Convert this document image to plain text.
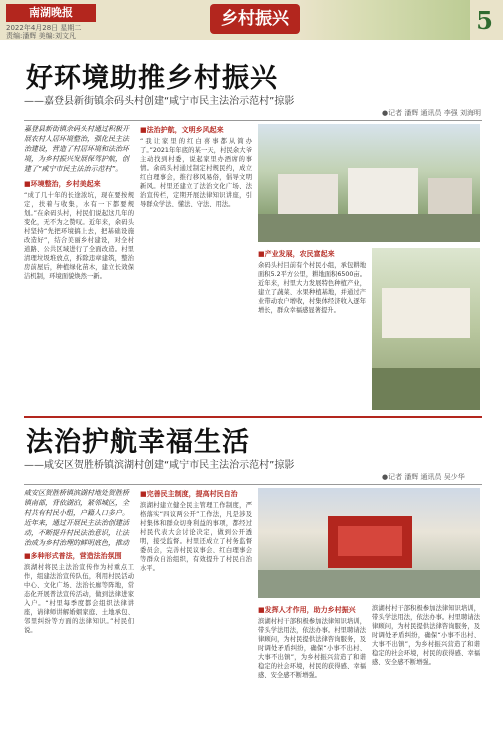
南湖晚报
2022年4月28日 星期二
责编:潘辉 美编:刘文凡
乡村振兴	5
好环境助推乡村振兴
——嘉登县新街镇余码头村创建“咸宁市民主法治示范村”掠影
●记者 潘辉 通讯员 李强 刘海明
嘉登县新街镇余码头村通过积极开展农村人居环境整治，强化民主法治建设，营造了村居环境和法治环境，为乡村振兴发展保驾护航，创建了“咸宁市民主法治示范村”。
■环境整治，乡村美起来
“成了几十年的长途浓坑，现在要按规定，扶着与收集，水有一下都要规划。”在余码头村，村民们说起这几年的变化，无不为之赞叹。近年来，余码头村坚持“先把环境搞上去，把基础设施改造好”，结合美丽乡村建设，对全村道路、公共区域进行了全面改造。村里清理垃圾堆放点，拆除违章建筑，整治房前屋后，种植绿化苗木，建立长效保洁机制，环境面貌焕然一新。
■法治护航，文明乡风起来
“我让家里的红白喜事都从简办了。”2021年年底的某一天，村民余大爷主动找到村委，说起家里办酒席的事情。余码头村通过制定村规民约，成立红白理事会，推行移风易俗，倡导文明新风。村里还建立了法治文化广场、法治宣传栏，定期开展法律知识讲座，引导群众学法、懂法、守法、用法。
■产业发展，农民富起来
余码头村目前有个村民小组，承包耕地面积5.2平方公里，耕地面积6500亩。近年来，村里大力发展特色种植产业，建立了蔬菜、水果种植基地，并通过产业带动农户增收，村集体经济收入逐年增长，群众幸福感显著提升。
法治护航幸福生活
——咸安区贺胜桥镇滨湖村创建“咸宁市民主法治示范村”掠影
●记者 潘辉 通讯员 吴少华
咸安区贺胜桥镇滨湖村地处贺胜桥镇南部，背依湖泊，紧邻城区，全村共有村民小组，户籍人口多户。近年来，通过开展民主法治创建活动，不断提升村民法治意识，让法治成为乡村治理的鲜明底色，推动
■多种形式普法，营造法治氛围
滨湖村将民主法治宣传作为村重点工作，组建法治宣传队伍，利用村民活动中心、文化广场、法治长廊等阵地，常态化开展普法宣传活动，做到法律进家入户。“村里每季度都会组织法律讲座，请律师讲解婚姻家庭、土地承包、邻里纠纷等方面的法律知识。”村民们说。
■完善民主制度，提高村民自治
滨湖村建立健全民主管理工作制度，严格落实“四议两公开”工作法，凡是涉及村集体和群众切身利益的事项，都经过村民代表大会讨论决定，做到公开透明，接受监督。村里还成立了村务监督委员会，完善村民议事会、红白理事会等群众自治组织，有效提升了村民自治水平。
■发挥人才作用，助力乡村振兴
滨湖村村干部积极参加法律知识培训，带头学法用法，依法办事。村里聘请法律顾问，为村民提供法律咨询服务，及时调处矛盾纠纷，确保“小事不出村、大事不出镇”，为乡村振兴营造了和谐稳定的社会环境，村民的获得感、幸福感、安全感不断增强。
滨湖村村干部积极参加法律知识培训，带头学法用法，依法办事。村里聘请法律顾问，为村民提供法律咨询服务，及时调处矛盾纠纷，确保“小事不出村、大事不出镇”，为乡村振兴营造了和谐稳定的社会环境，村民的获得感、幸福感、安全感不断增强。
